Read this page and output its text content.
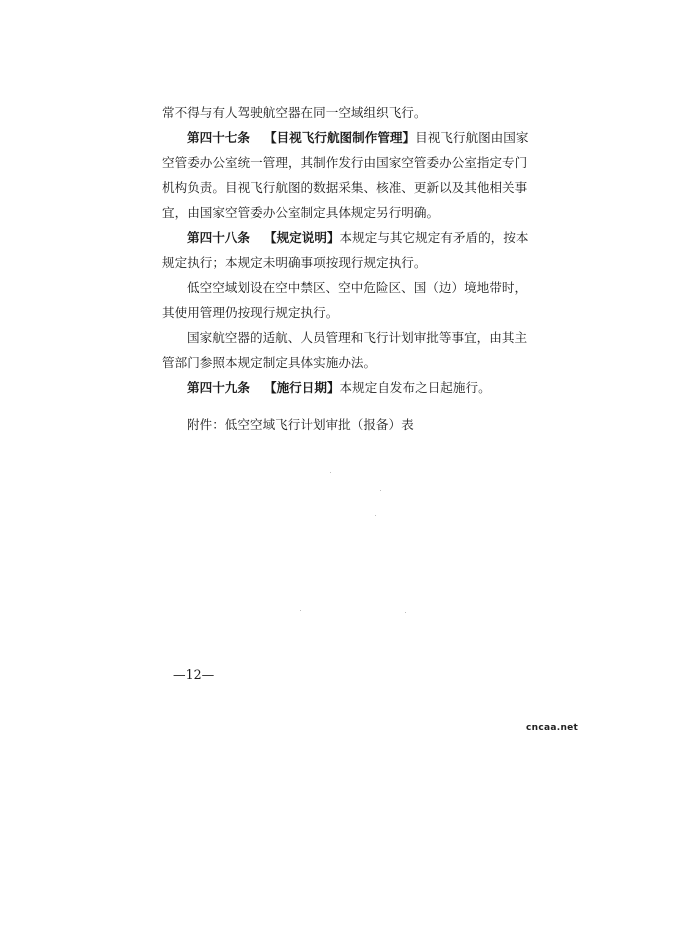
常不得与有人驾驶航空器在同一空域组织飞行。
第四十七条 【目视飞行航图制作管理】目视飞行航图由国家
空管委办公室统一管理，其制作发行由国家空管委办公室指定专门
机构负责。目视飞行航图的数据采集、核准、更新以及其他相关事
宜，由国家空管委办公室制定具体规定另行明确。
第四十八条 【规定说明】本规定与其它规定有矛盾的，按本
规定执行；本规定未明确事项按现行规定执行。
低空空域划设在空中禁区、空中危险区、国（边）境地带时，
其使用管理仍按现行规定执行。
国家航空器的适航、人员管理和飞行计划审批等事宜，由其主
管部门参照本规定制定具体实施办法。
第四十九条 【施行日期】本规定自发布之日起施行。
附件：低空空域飞行计划审批（报备）表
—12—
cncaa.net
